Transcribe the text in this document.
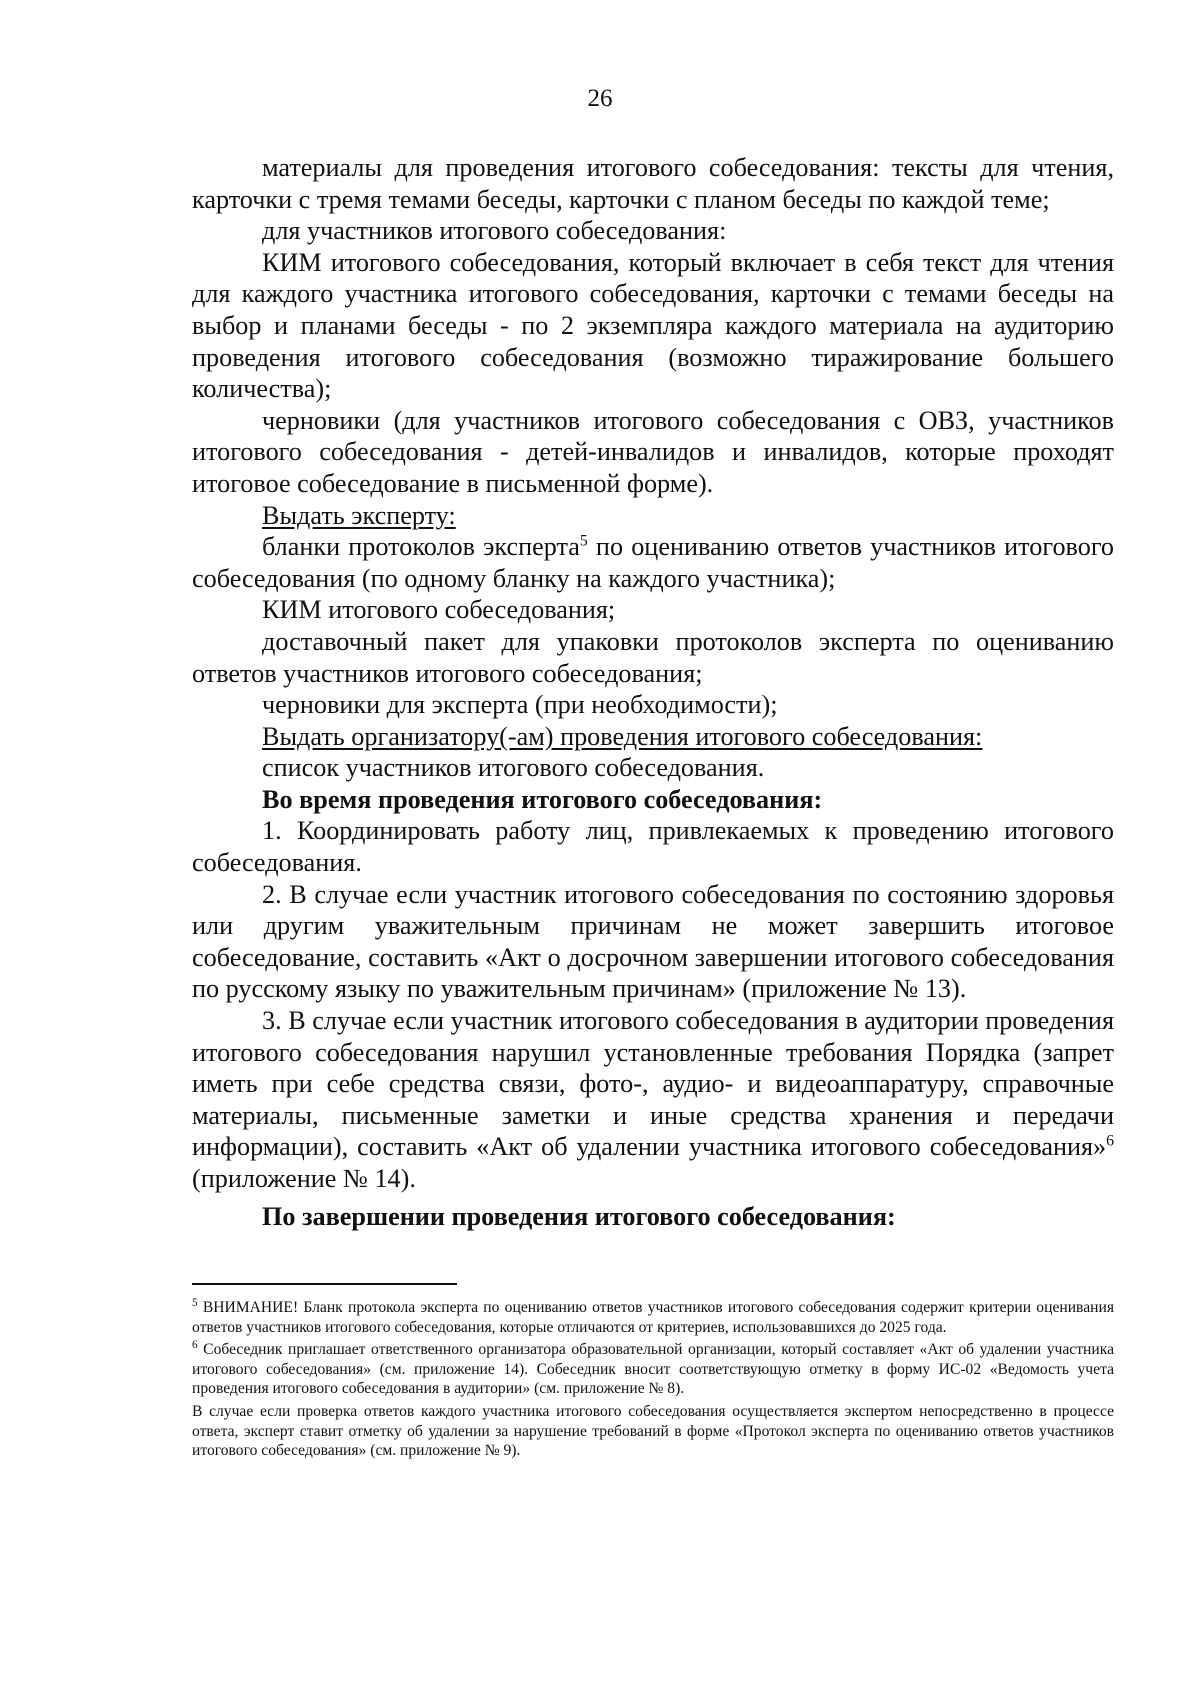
26

материалы для проведения итогового собеседования: тексты для чтения, карточки с тремя темами беседы, карточки с планом беседы по каждой теме;

для участников итогового собеседования:

КИМ итогового собеседования, который включает в себя текст для чтения для каждого участника итогового собеседования, карточки с темами беседы на выбор и планами беседы - по 2 экземпляра каждого материала на аудиторию проведения итогового собеседования (возможно тиражирование большего количества);

черновики (для участников итогового собеседования с ОВЗ, участников итогового собеседования - детей-инвалидов и инвалидов, которые проходят итоговое собеседование в письменной форме).

Выдать эксперту:

бланки протоколов эксперта$^5$ по оцениванию ответов участников итогового собеседования (по одному бланку на каждого участника);

КИМ итогового собеседования;

доставочный пакет для упаковки протоколов эксперта по оцениванию ответов участников итогового собеседования;

черновики для эксперта (при необходимости);

Выдать организатору(-ам) проведения итогового собеседования:

список участников итогового собеседования.

Во время проведения итогового собеседования:

1. Координировать работу лиц, привлекаемых к проведению итогового собеседования.

2. В случае если участник итогового собеседования по состоянию здоровья или другим уважительным причинам не может завершить итоговое собеседование, составить «Акт о досрочном завершении итогового собеседования по русскому языку по уважительным причинам» (приложение № 13).

3. В случае если участник итогового собеседования в аудитории проведения итогового собеседования нарушил установленные требования Порядка (запрет иметь при себе средства связи, фото-, аудио- и видеоаппаратуру, справочные материалы, письменные заметки и иные средства хранения и передачи информации), составить «Акт об удалении участника итогового собеседования»$^6$ (приложение № 14).

По завершении проведения итогового собеседования:

$^5$ ВНИМАНИЕ! Бланк протокола эксперта по оцениванию ответов участников итогового собеседования содержит критерии оценивания ответов участников итогового собеседования, которые отличаются от критериев, использовавшихся до 2025 года.

$^6$ Собеседник приглашает ответственного организатора образовательной организации, который составляет «Акт об удалении участника итогового собеседования» (см. приложение 14). Собеседник вносит соответствующую отметку в форму ИС-02 «Ведомость учета проведения итогового собеседования в аудитории» (см. приложение № 8).

В случае если проверка ответов каждого участника итогового собеседования осуществляется экспертом непосредственно в процессе ответа, эксперт ставит отметку об удалении за нарушение требований в форме «Протокол эксперта по оцениванию ответов участников итогового собеседования» (см. приложение № 9).
